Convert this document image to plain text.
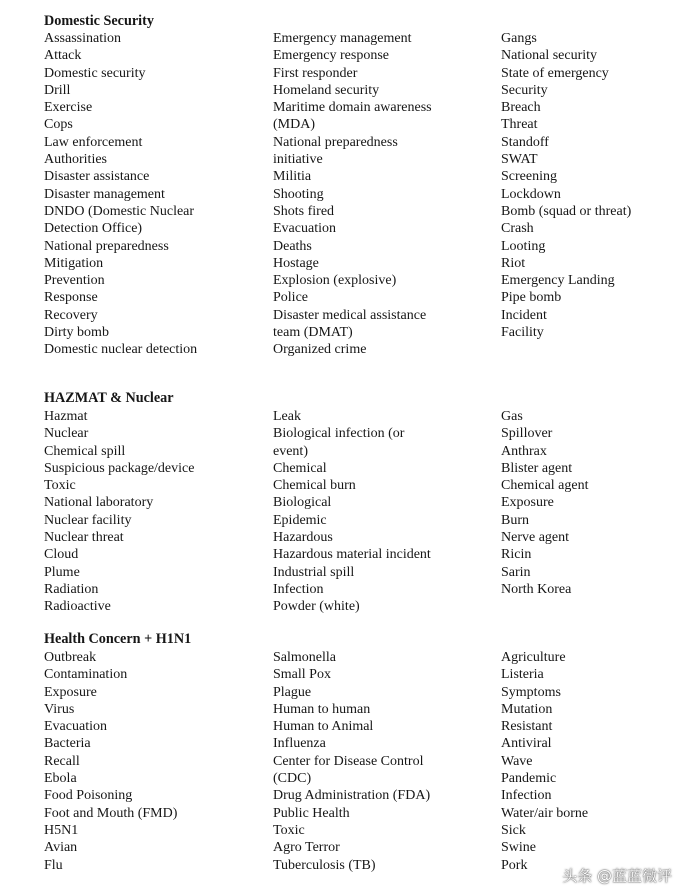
Domestic Security
Assassination
Attack
Domestic security
Drill
Exercise
Cops
Law enforcement
Authorities
Disaster assistance
Disaster management
DNDO (Domestic Nuclear
Detection Office)
National preparedness
Mitigation
Prevention
Response
Recovery
Dirty bomb
Domestic nuclear detection
Emergency management
Emergency response
First responder
Homeland security
Maritime domain awareness
(MDA)
National preparedness
initiative
Militia
Shooting
Shots fired
Evacuation
Deaths
Hostage
Explosion (explosive)
Police
Disaster medical assistance
team (DMAT)
Organized crime
Gangs
National security
State of emergency
Security
Breach
Threat
Standoff
SWAT
Screening
Lockdown
Bomb (squad or threat)
Crash
Looting
Riot
Emergency Landing
Pipe bomb
Incident
Facility
HAZMAT & Nuclear
Hazmat
Nuclear
Chemical spill
Suspicious package/device
Toxic
National laboratory
Nuclear facility
Nuclear threat
Cloud
Plume
Radiation
Radioactive
Leak
Biological infection (or
event)
Chemical
Chemical burn
Biological
Epidemic
Hazardous
Hazardous material incident
Industrial spill
Infection
Powder (white)
Gas
Spillover
Anthrax
Blister agent
Chemical agent
Exposure
Burn
Nerve agent
Ricin
Sarin
North Korea
Health Concern + H1N1
Outbreak
Contamination
Exposure
Virus
Evacuation
Bacteria
Recall
Ebola
Food Poisoning
Foot and Mouth (FMD)
H5N1
Avian
Flu
Salmonella
Small Pox
Plague
Human to human
Human to Animal
Influenza
Center for Disease Control
(CDC)
Drug Administration (FDA)
Public Health
Toxic
Agro Terror
Tuberculosis (TB)
Agriculture
Listeria
Symptoms
Mutation
Resistant
Antiviral
Wave
Pandemic
Infection
Water/air borne
Sick
Swine
Pork
头条 @蓝蓝微评
